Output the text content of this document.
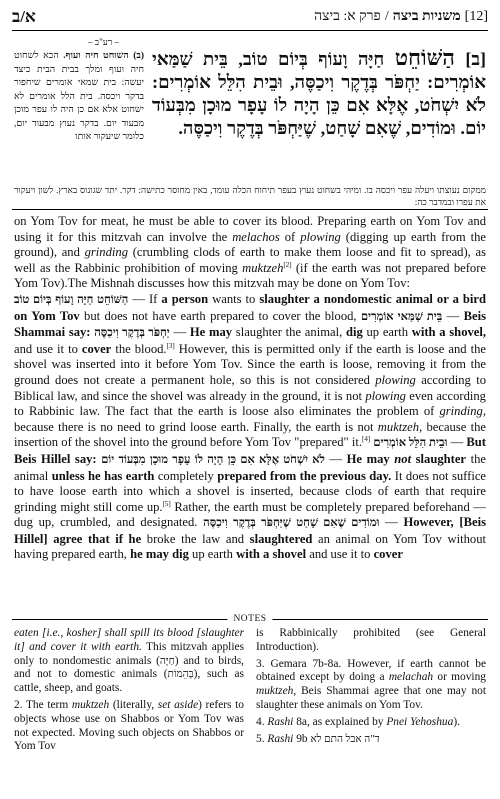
א/ב	[12]
משניות ביצה
/
פרק א: ביצה
– רע"ב –
(ב) השוחט חיה ועוף. הכא לשחוט חיה ועוף ומלך בבית הבית כיצד יעשה: בית שמאי אומרים שיחפור בדקר ויכסה. בית הלל אומרים לא ישחוט אלא אם כן היה לו עפר מוכן מבעוד יום. בדקר נעוץ מבעוד יום, כלומר שיעקור אותו
[ב] הַשּׁוֹחֵט חַיָּה וָעוֹף בְּיוֹם טוֹב, בֵּית שַׁמַּאי אוֹמְרִים: יַחְפֹּר בְּדֶקֶר וִיכַסֶּה, וּבֵית הִלֵּל אוֹמְרִים: לֹא יִשְׁחֹט, אֶלָּא אִם כֵּן הָיָה לוֹ עָפָר מוּכָן מִבְּעוֹד יוֹם. וּמוֹדִים, שֶׁאִם שָׁחַט, שֶׁיַּחְפֹּר בְּדֶקֶר וִיכַסֶּה.
ממקום נעוצתו ויעלה עפר ויכסה בו. ומיהי בשחוט נעוץ בעפר תיחוח הכלה עומד, באין מחוסר כתישה: דקר. יתד שגונוס בארץ. לשון ויעקור את עפרו ובמדבר כה:

on Yom Tov for meat, he must be able to cover its blood. Preparing earth on Yom Tov and using it for this mitzvah can involve the melachos of plowing (digging up earth from the ground), and grinding (crumbling clods of earth to make them loose and fit to spread), as well as the Rabbinic prohibition of moving muktzeh[2] (if the earth was not prepared before Yom Tov).The Mishnah discusses how this mitzvah may be done on Yom Tov:

הַשּׁוֹחֵט חַיָּה וָעוֹף בְּיוֹם טוֹב — If a person wants to slaughter a nondomestic animal or a bird on Yom Tov but does not have earth prepared to cover the blood, בֵּית שַׁמַּאי אוֹמְרִים — Beis Shammai say: יַחְפֹּר בְּדֶקֶר וִיכַסֶּה — He may slaughter the animal, dig up earth with a shovel, and use it to cover the blood.[3] However, this is permitted only if the earth is loose and the shovel was inserted into it before Yom Tov. Since the earth is loose, removing it from the ground does not create a permanent hole, so this is not considered plowing according to Biblical law, and since the shovel was already in the ground, it is not plowing even according to Rabbinic law. The fact that the earth is loose also eliminates the problem of grinding, because there is no need to grind loose earth. Finally, the earth is not muktzeh, because the insertion of the shovel into the ground before Yom Tov "prepared" it.[4] וּבֵית הִלֵּל אוֹמְרִים — But Beis Hillel say: לֹא יִשְׁחֹט אֶלָּא אִם כֵּן הָיָה לוֹ עָפָר מוּכָן מִבְּעוֹד יוֹם — He may not slaughter the animal unless he has earth completely prepared from the previous day. It does not suffice to have loose earth into which a shovel is inserted, because clods of earth that require grinding might still come up.[5] Rather, the earth must be completely prepared beforehand — dug up, crumbled, and designated. וּמוֹדִים שֶׁאִם שָׁחַט שֶׁיַּחְפֹּר בְּדֶקֶר וִיכַסֶּה — However, [Beis Hillel] agree that if he broke the law and slaughtered an animal on Yom Tov without having prepared earth, he may dig up earth with a shovel and use it to cover

NOTES

eaten [i.e., kosher] shall spill its blood [slaughter it] and cover it with earth. This mitzvah applies only to nondomestic animals (חַיָּה) and to birds, and not to domestic animals (בְּהֵמוֹת), such as cattle, sheep, and goats.

2. The term muktzeh (literally, set aside) refers to objects whose use on Shabbos or Yom Tov was not expected. Moving such objects on Shabbos or Yom Tov

is Rabbinically prohibited (see General Introduction).

3. Gemara 7b-8a. However, if earth cannot be obtained except by doing a melachah or moving muktzeh, Beis Shammai agree that one may not slaughter these animals on Yom Tov.

4. Rashi 8a, as explained by Pnei Yehoshua).

5. Rashi 9b ד"ה אבל התם לא
